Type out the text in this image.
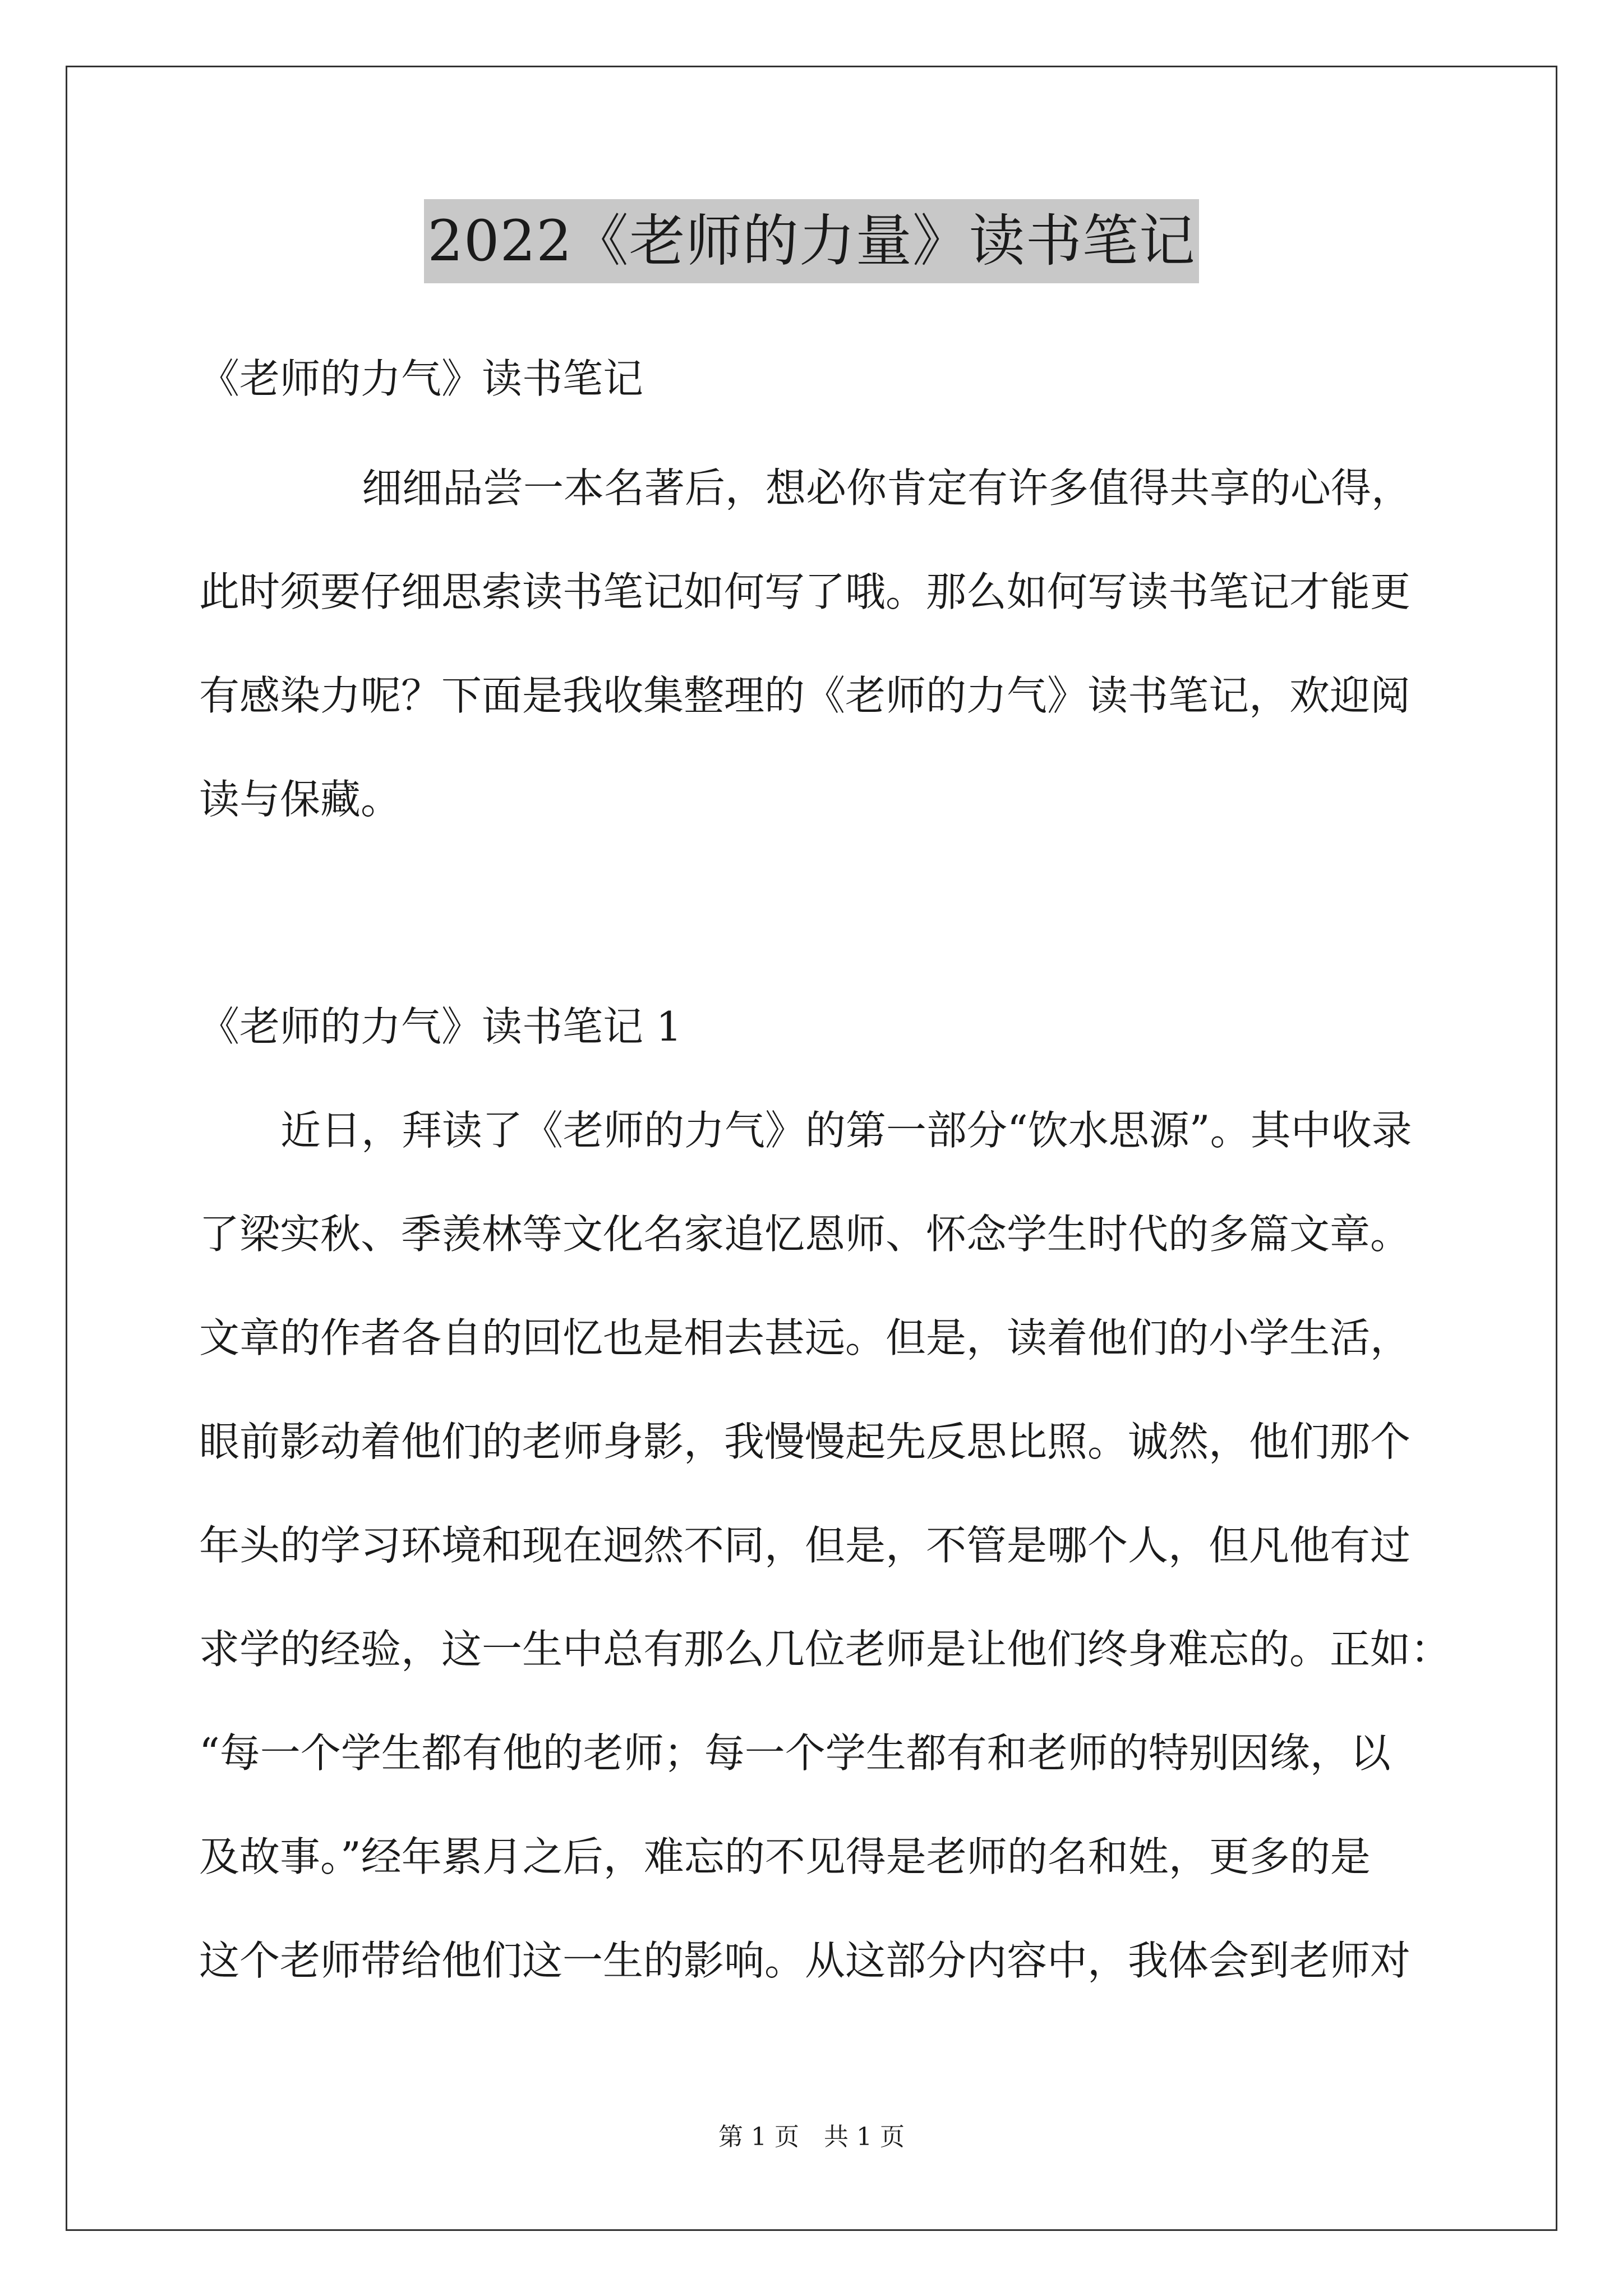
2022《老师的力量》读书笔记
《老师的力气》读书笔记
细细品尝一本名著后，想必你肯定有许多值得共享的心得，
此时须要仔细思索读书笔记如何写了哦。那么如何写读书笔记才能更
有感染力呢？下面是我收集整理的《老师的力气》读书笔记，欢迎阅
读与保藏。
《老师的力气》读书笔记 1
近日，拜读了《老师的力气》的第一部分“饮水思源”。其中收录
了梁实秋、季羡林等文化名家追忆恩师、怀念学生时代的多篇文章。
文章的作者各自的回忆也是相去甚远。但是，读着他们的小学生活，
眼前影动着他们的老师身影，我慢慢起先反思比照。诚然，他们那个
年头的学习环境和现在迥然不同，但是，不管是哪个人，但凡他有过
求学的经验，这一生中总有那么几位老师是让他们终身难忘的。正如：
“每一个学生都有他的老师；每一个学生都有和老师的特别因缘，以
及故事。”经年累月之后，难忘的不见得是老师的名和姓，更多的是
这个老师带给他们这一生的影响。从这部分内容中，我体会到老师对
第 1 页　共 1 页
